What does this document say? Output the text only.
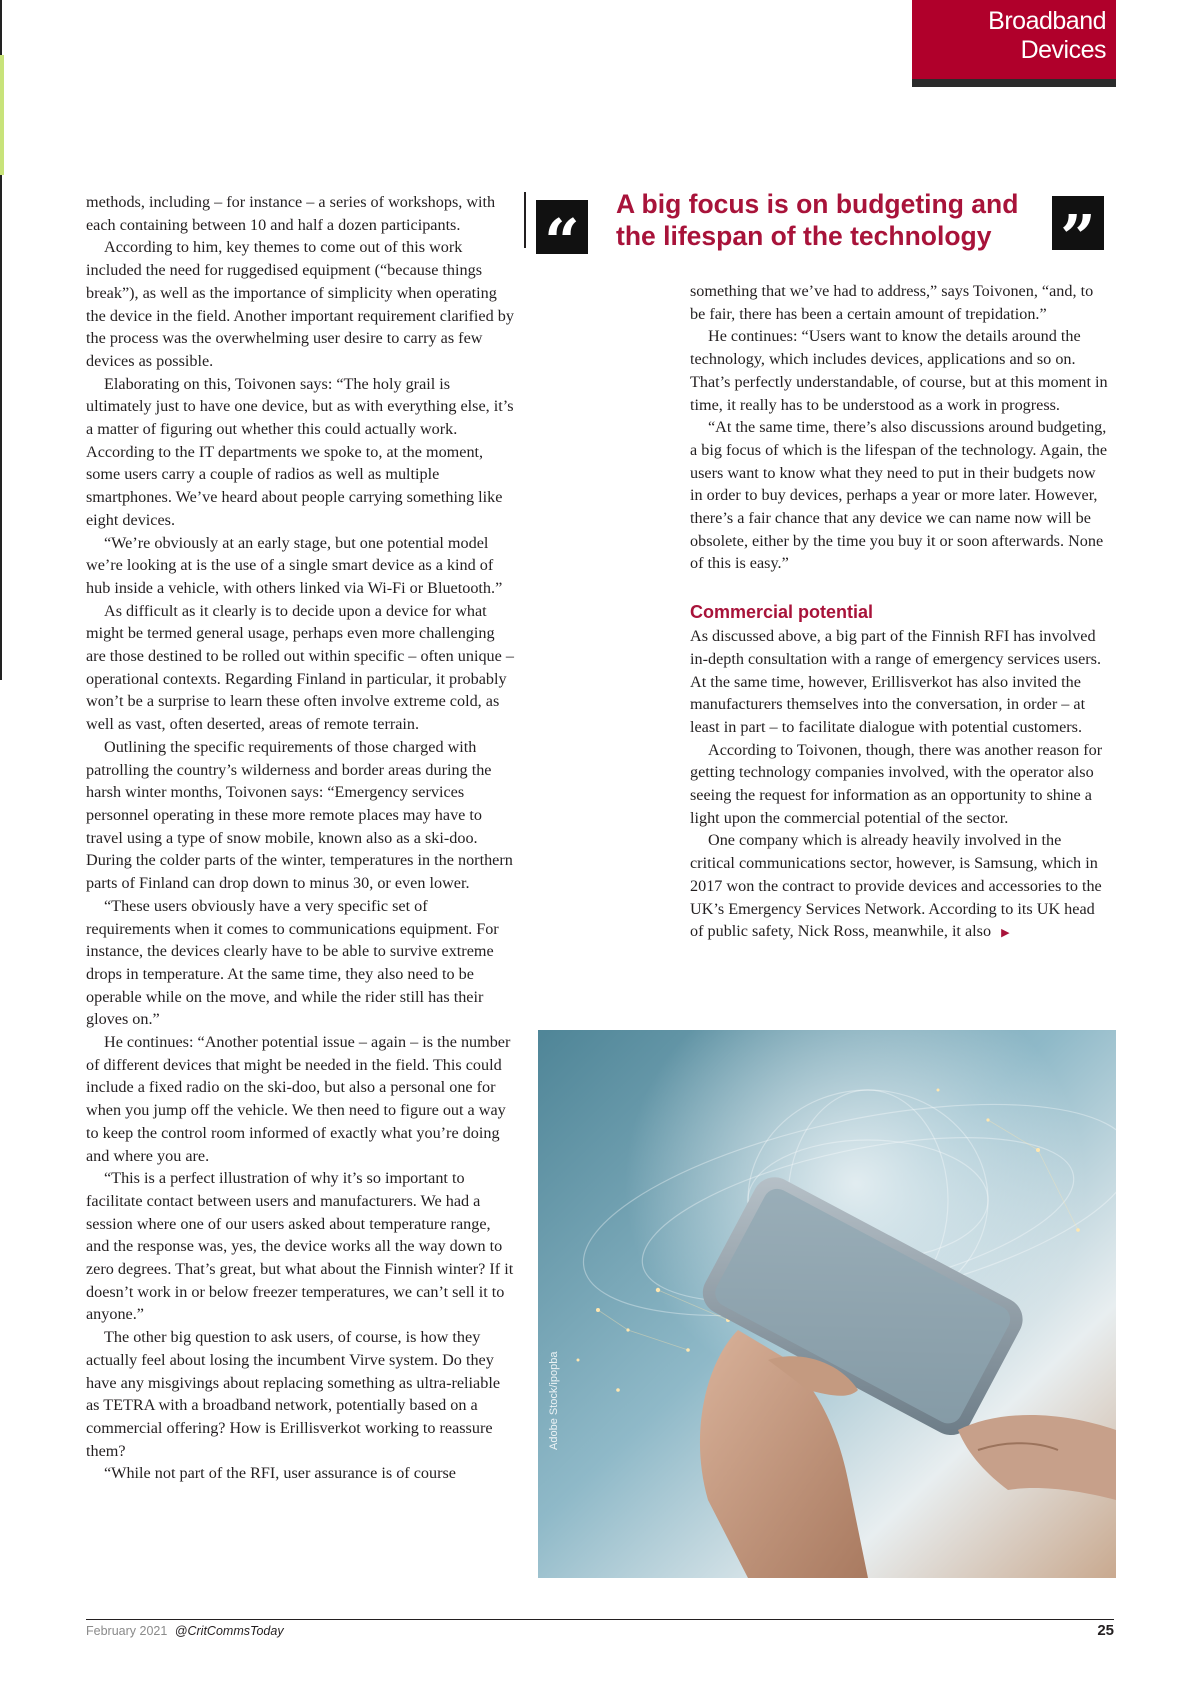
Broadband Devices

methods, including – for instance – a series of workshops, with each containing between 10 and half a dozen participants.

According to him, key themes to come out of this work included the need for ruggedised equipment (“because things break”), as well as the importance of simplicity when operating the device in the field. Another important requirement clarified by the process was the overwhelming user desire to carry as few devices as possible.

Elaborating on this, Toivonen says: “The holy grail is ultimately just to have one device, but as with everything else, it’s a matter of figuring out whether this could actually work. According to the IT departments we spoke to, at the moment, some users carry a couple of radios as well as multiple smartphones. We’ve heard about people carrying something like eight devices.

“We’re obviously at an early stage, but one potential model we’re looking at is the use of a single smart device as a kind of hub inside a vehicle, with others linked via Wi-Fi or Bluetooth.”

As difficult as it clearly is to decide upon a device for what might be termed general usage, perhaps even more challenging are those destined to be rolled out within specific – often unique – operational contexts. Regarding Finland in particular, it probably won’t be a surprise to learn these often involve extreme cold, as well as vast, often deserted, areas of remote terrain.

Outlining the specific requirements of those charged with patrolling the country’s wilderness and border areas during the harsh winter months, Toivonen says: “Emergency services personnel operating in these more remote places may have to travel using a type of snow mobile, known also as a ski-doo. During the colder parts of the winter, temperatures in the northern parts of Finland can drop down to minus 30, or even lower.

“These users obviously have a very specific set of requirements when it comes to communications equipment. For instance, the devices clearly have to be able to survive extreme drops in temperature. At the same time, they also need to be operable while on the move, and while the rider still has their gloves on.”

He continues: “Another potential issue – again – is the number of different devices that might be needed in the field. This could include a fixed radio on the ski-doo, but also a personal one for when you jump off the vehicle. We then need to figure out a way to keep the control room informed of exactly what you’re doing and where you are.

“This is a perfect illustration of why it’s so important to facilitate contact between users and manufacturers. We had a session where one of our users asked about temperature range, and the response was, yes, the device works all the way down to zero degrees. That’s great, but what about the Finnish winter? If it doesn’t work in or below freezer temperatures, we can’t sell it to anyone.”

The other big question to ask users, of course, is how they actually feel about losing the incumbent Virve system. Do they have any misgivings about replacing something as ultra-reliable as TETRA with a broadband network, potentially based on a commercial offering? How is Erillisverkot working to reassure them?

“While not part of the RFI, user assurance is of course

“
A big focus is on budgeting and the lifespan of the technology	”

something that we’ve had to address,” says Toivonen, “and, to be fair, there has been a certain amount of trepidation.”

He continues: “Users want to know the details around the technology, which includes devices, applications and so on. That’s perfectly understandable, of course, but at this moment in time, it really has to be understood as a work in progress.

“At the same time, there’s also discussions around budgeting, a big focus of which is the lifespan of the technology. Again, the users want to know what they need to put in their budgets now in order to buy devices, perhaps a year or more later. However, there’s a fair chance that any device we can name now will be obsolete, either by the time you buy it or soon afterwards. None of this is easy.”

Commercial potential

As discussed above, a big part of the Finnish RFI has involved in-depth consultation with a range of emergency services users. At the same time, however, Erillisverkot has also invited the manufacturers themselves into the conversation, in order – at least in part – to facilitate dialogue with potential customers.

According to Toivonen, though, there was another reason for getting technology companies involved, with the operator also seeing the request for information as an opportunity to shine a light upon the commercial potential of the sector.

One company which is already heavily involved in the critical communications sector, however, is Samsung, which in 2017 won the contract to provide devices and accessories to the UK’s Emergency Services Network. According to its UK head of public safety, Nick Ross, meanwhile, it also ▶

Adobe Stock/ipopba
February 2021 @CritCommsToday	25
